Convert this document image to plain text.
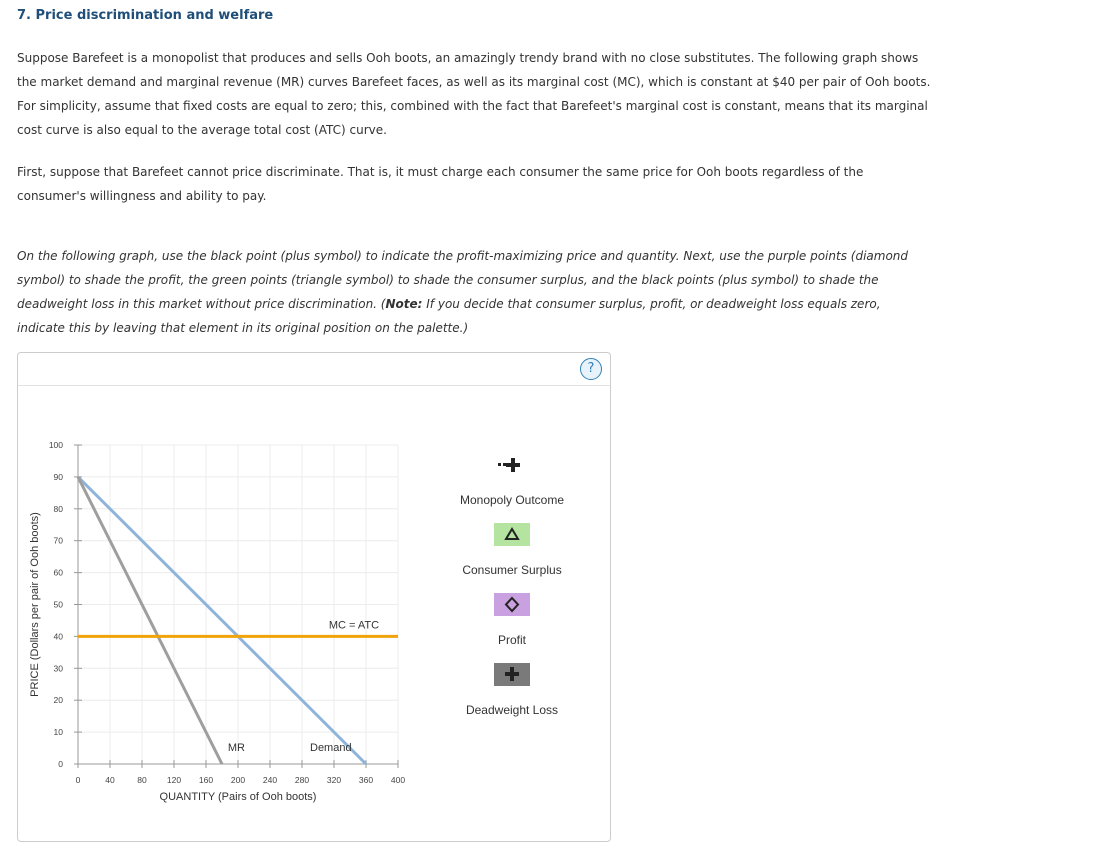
7. Price discrimination and welfare

Suppose Barefeet is a monopolist that produces and sells Ooh boots, an amazingly trendy brand with no close substitutes. The following graph shows the market demand and marginal revenue (MR) curves Barefeet faces, as well as its marginal cost (MC), which is constant at $40 per pair of Ooh boots. For simplicity, assume that fixed costs are equal to zero; this, combined with the fact that Barefeet's marginal cost is constant, means that its marginal cost curve is also equal to the average total cost (ATC) curve.

First, suppose that Barefeet cannot price discriminate. That is, it must charge each consumer the same price for Ooh boots regardless of the consumer's willingness and ability to pay.

On the following graph, use the black point (plus symbol) to indicate the profit-maximizing price and quantity. Next, use the purple points (diamond symbol) to shade the profit, the green points (triangle symbol) to shade the consumer surplus, and the black points (plus symbol) to shade the deadweight loss in this market without price discrimination. (Note: If you decide that consumer surplus, profit, or deadweight loss equals zero, indicate this by leaving that element in its original position on the palette.)

?
0	40	80 120 160 200 240 280 320 360 400
0
10
20
30
40
50
60
70
80
90
100
QUANTITY (Pairs of Ooh boots)
PRICE (Dollars per pair of Ooh boots)
Demand
MR
MC = ATC
Monopoly Outcome
Consumer Surplus
Profit
Deadweight Loss
